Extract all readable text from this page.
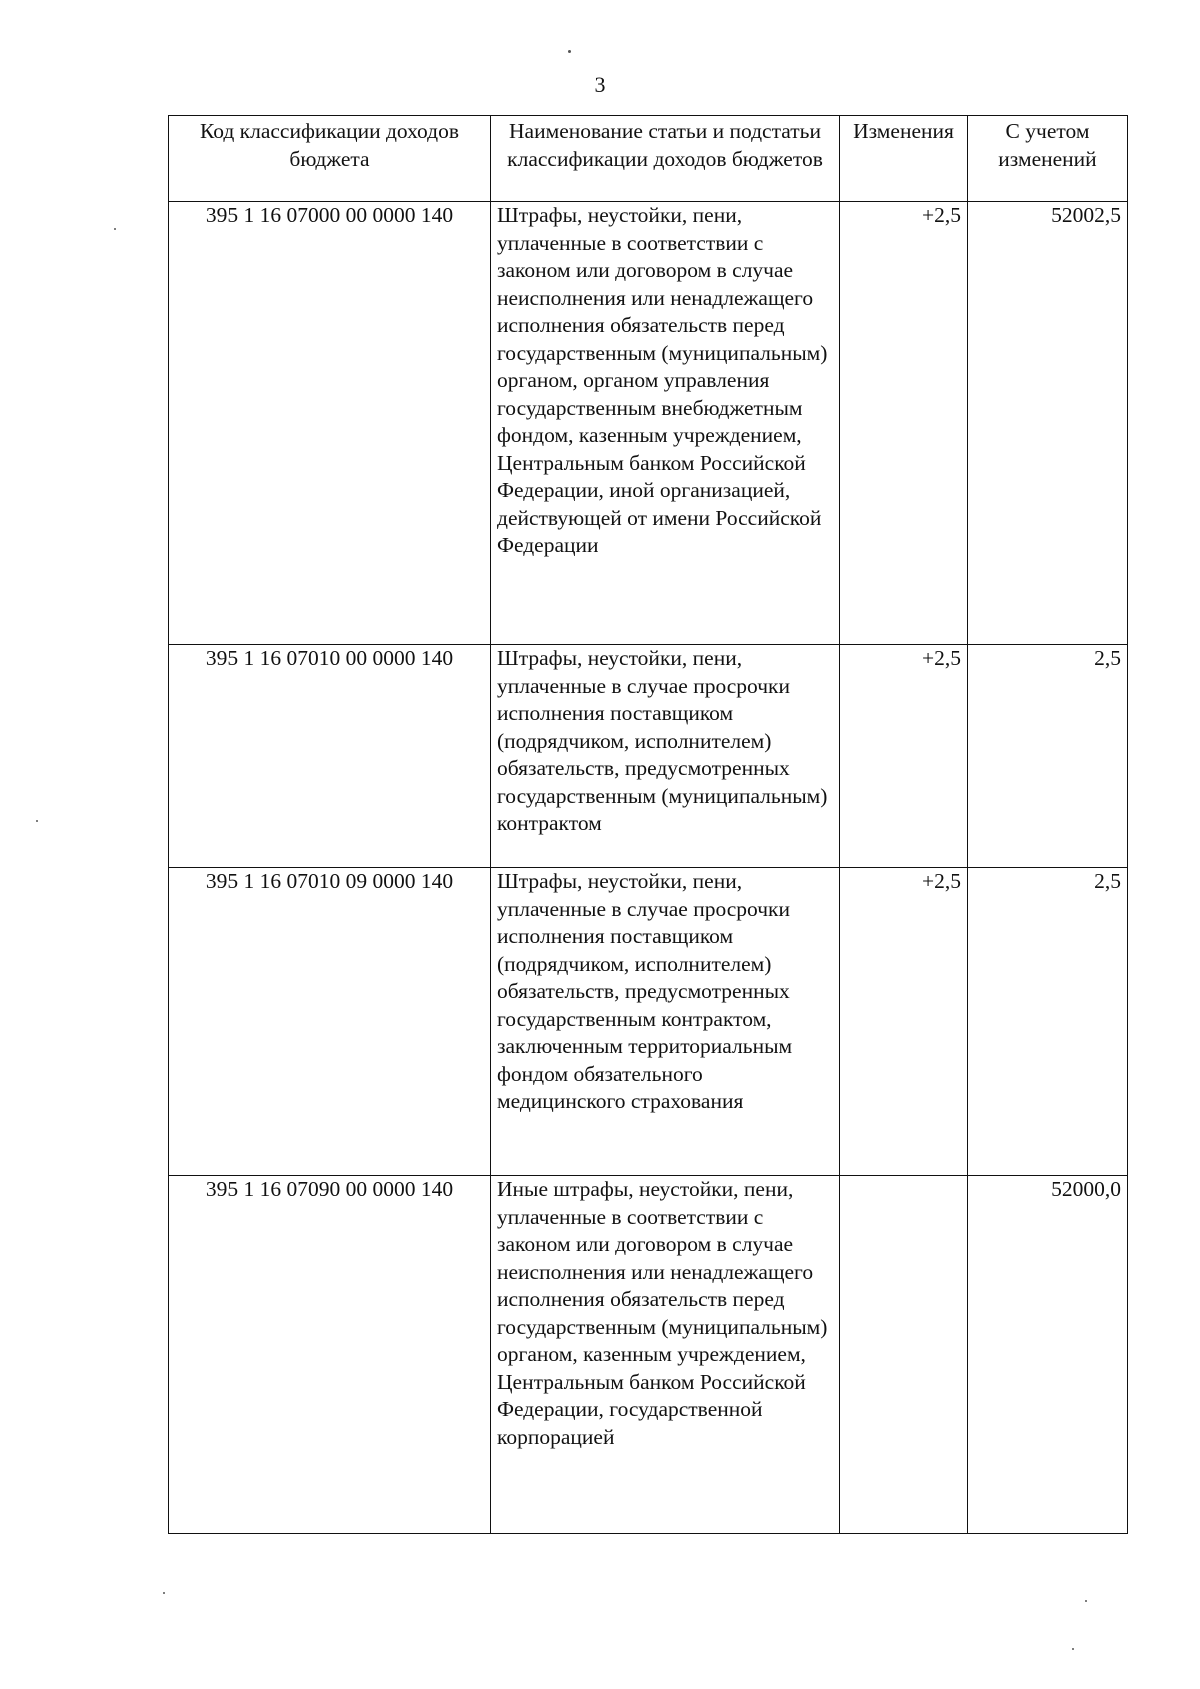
3
Код классификации доходов бюджета	Наименование статьи и подстатьи классификации доходов бюджетов	Изменения	С учетом изменений
395 1 16 07000 00 0000 140	Штрафы, неустойки, пени, уплаченные в соответствии с законом или договором в случае неисполнения или ненадлежащего исполнения обязательств перед государственным (муниципальным) органом, органом управления государственным внебюджетным фондом, казенным учреждением, Центральным банком Российской Федерации, иной организацией, действующей от имени Российской Федерации	+2,5	52002,5
395 1 16 07010 00 0000 140	Штрафы, неустойки, пени, уплаченные в случае просрочки исполнения поставщиком (подрядчиком, исполнителем) обязательств, предусмотренных государственным (муниципальным) контрактом	+2,5	2,5
395 1 16 07010 09 0000 140	Штрафы, неустойки, пени, уплаченные в случае просрочки исполнения поставщиком (подрядчиком, исполнителем) обязательств, предусмотренных государственным контрактом, заключенным территориальным фондом обязательного медицинского страхования	+2,5	2,5
395 1 16 07090 00 0000 140	Иные штрафы, неустойки, пени, уплаченные в соответствии с законом или договором в случае неисполнения или ненадлежащего исполнения обязательств перед государственным (муниципальным) органом, казенным учреждением, Центральным банком Российской Федерации, государственной корпорацией		52000,0
